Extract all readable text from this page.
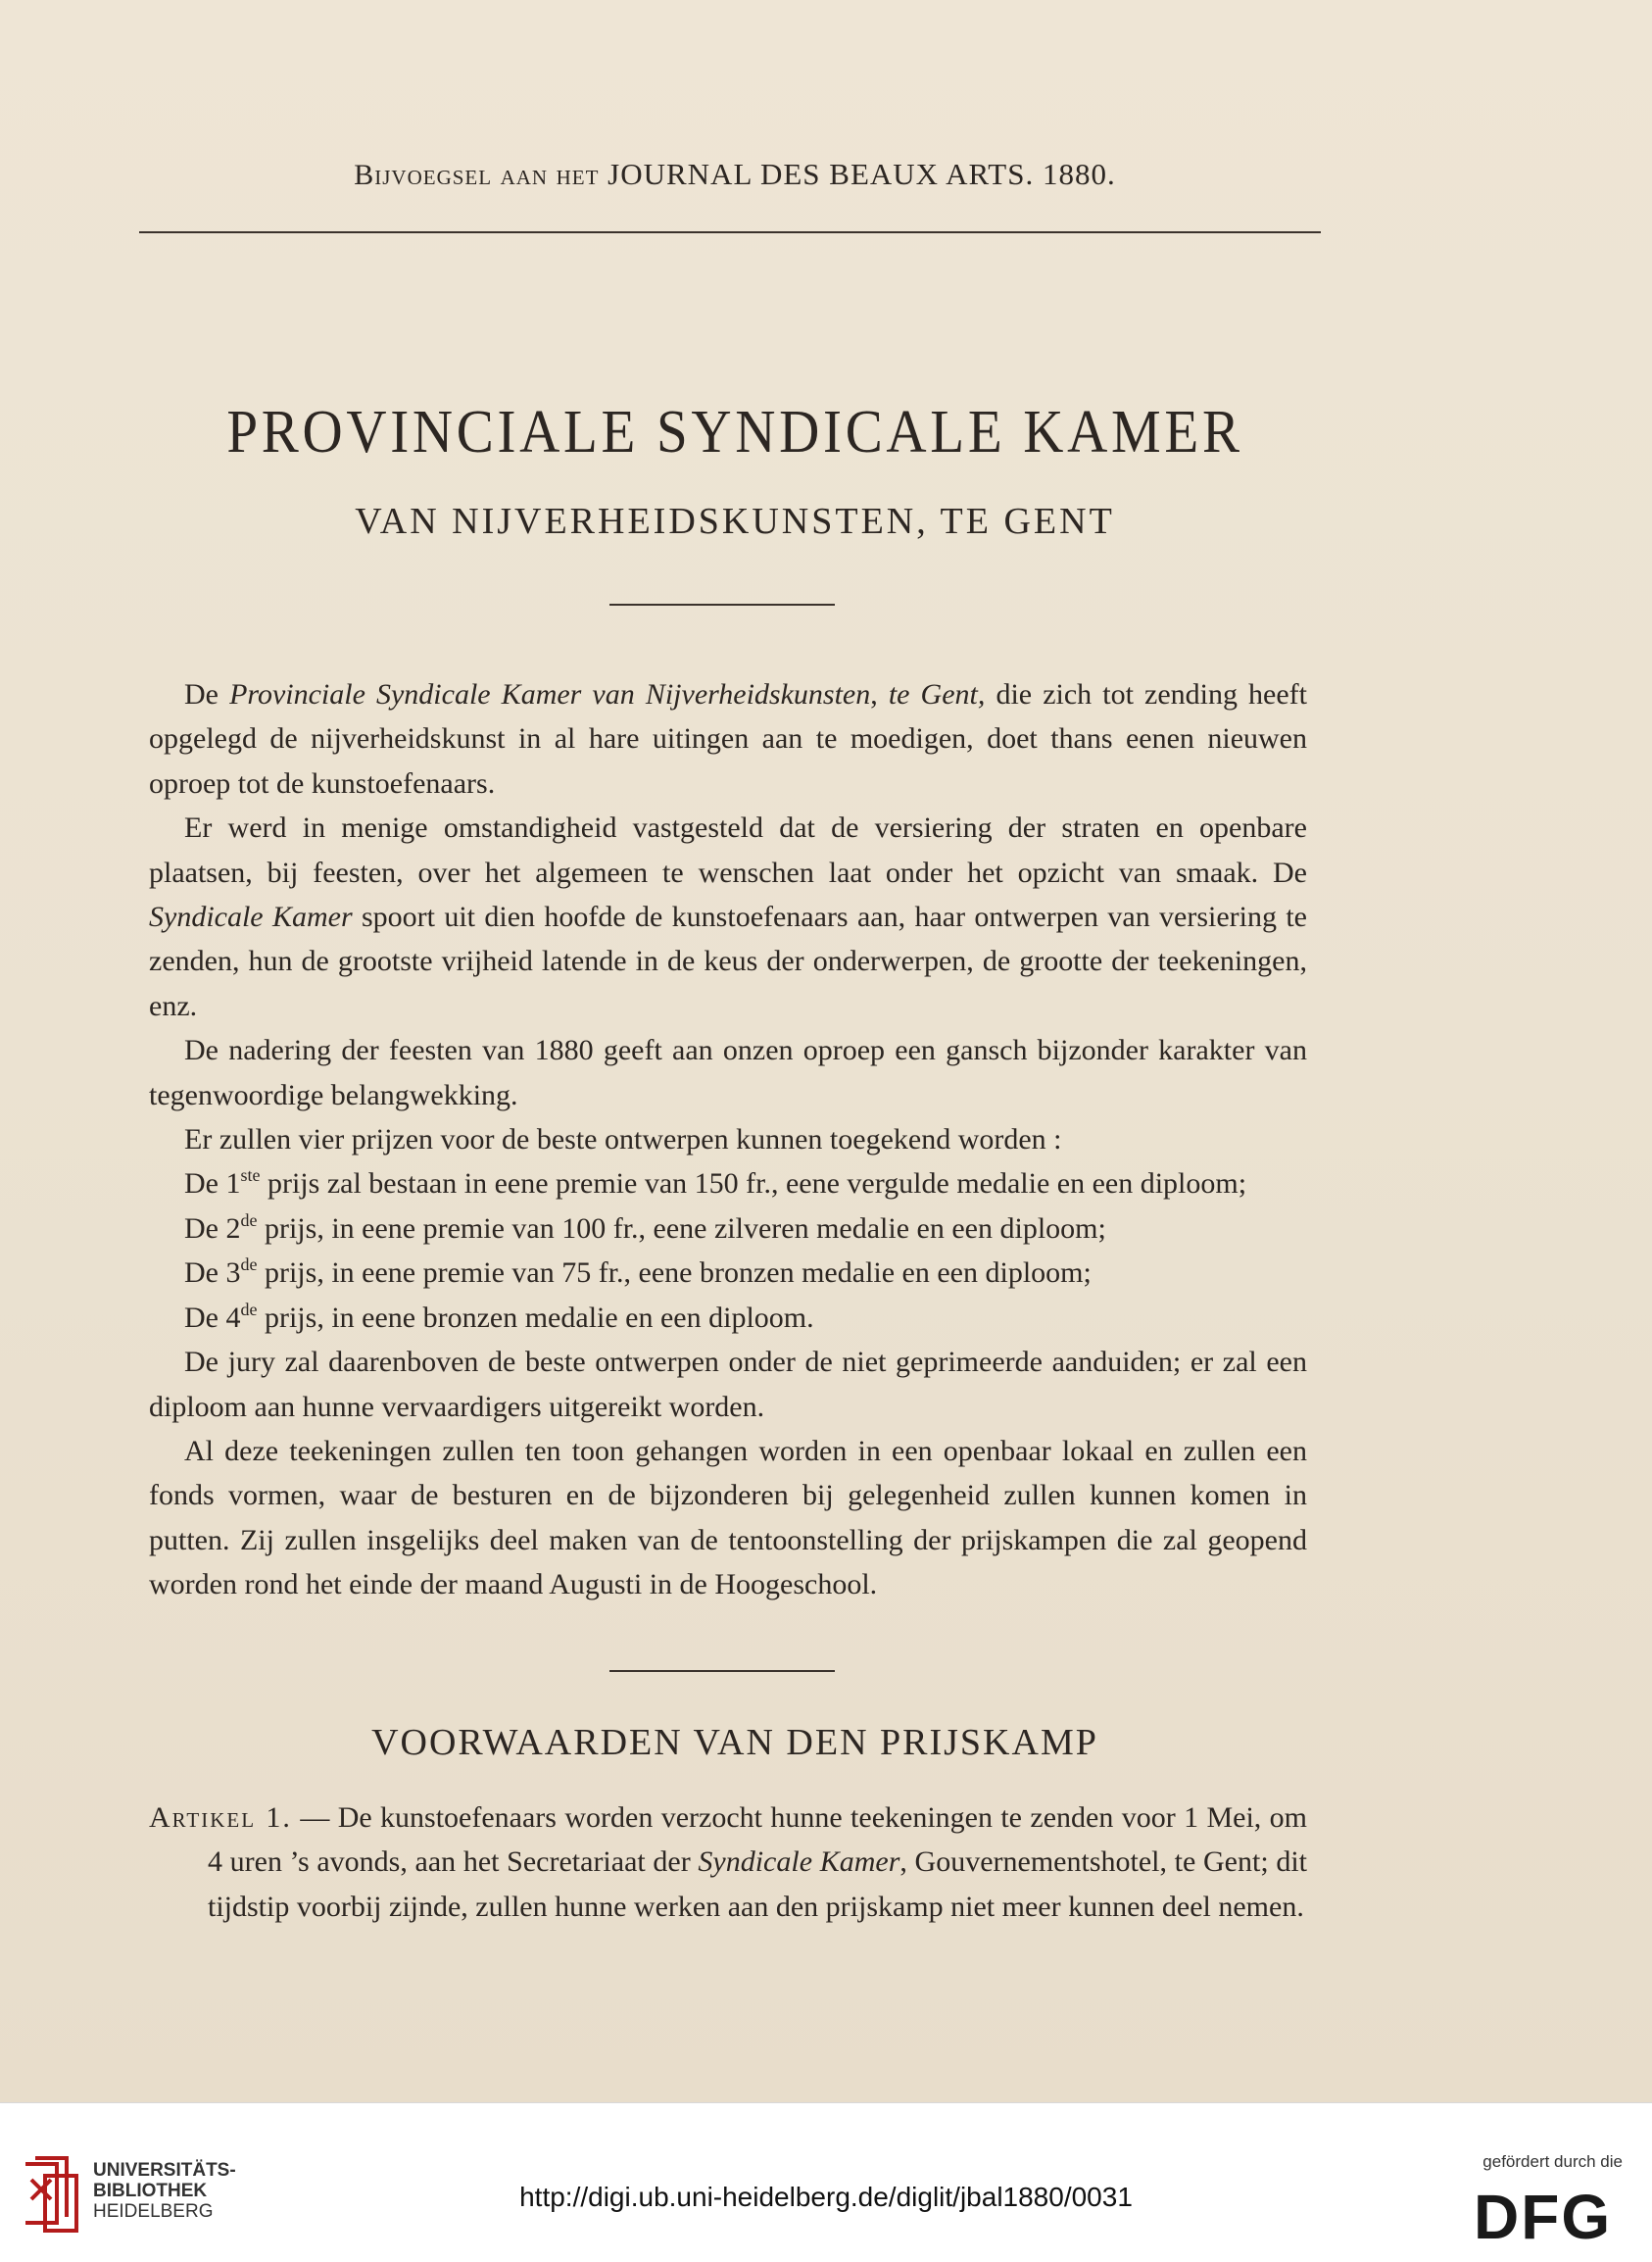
Bijvoegsel aan het JOURNAL DES BEAUX ARTS. 1880.
PROVINCIALE SYNDICALE KAMER
VAN NIJVERHEIDSKUNSTEN, TE GENT

De Provinciale Syndicale Kamer van Nijverheidskunsten, te Gent, die zich tot zending heeft opgelegd de nijverheidskunst in al hare uitingen aan te moedigen, doet thans eenen nieuwen oproep tot de kunstoefenaars.

Er werd in menige omstandigheid vastgesteld dat de versiering der straten en openbare plaatsen, bij feesten, over het algemeen te wenschen laat onder het opzicht van smaak. De Syndicale Kamer spoort uit dien hoofde de kunstoefenaars aan, haar ontwerpen van versiering te zenden, hun de grootste vrijheid latende in de keus der onderwerpen, de grootte der teekeningen, enz.

De nadering der feesten van 1880 geeft aan onzen oproep een gansch bijzonder karakter van tegenwoordige belangwekking.

Er zullen vier prijzen voor de beste ontwerpen kunnen toegekend worden :

De 1ste prijs zal bestaan in eene premie van 150 fr., eene vergulde medalie en een diploom;

De 2de prijs, in eene premie van 100 fr., eene zilveren medalie en een diploom;

De 3de prijs, in eene premie van 75 fr., eene bronzen medalie en een diploom;

De 4de prijs, in eene bronzen medalie en een diploom.

De jury zal daarenboven de beste ontwerpen onder de niet geprimeerde aanduiden; er zal een diploom aan hunne vervaardigers uitgereikt worden.

Al deze teekeningen zullen ten toon gehangen worden in een openbaar lokaal en zullen een fonds vormen, waar de besturen en de bijzonderen bij gelegenheid zullen kunnen komen in putten. Zij zullen insgelijks deel maken van de tentoonstelling der prijskampen die zal geopend worden rond het einde der maand Augusti in de Hoogeschool.

VOORWAARDEN VAN DEN PRIJSKAMP
Artikel 1. — De kunstoefenaars worden verzocht hunne teekeningen te zenden voor 1 Mei, om 4 uren ’s avonds, aan het Secretariaat der Syndicale Kamer, Gouvernementshotel, te Gent; dit tijdstip voorbij zijnde, zullen hunne werken aan den prijskamp niet meer kunnen deel nemen.
UNIVERSITÄTS-
BIBLIOTHEK
HEIDELBERG	http://digi.ub.uni-heidelberg.de/diglit/jbal1880/0031
gefördert durch die
DFG
